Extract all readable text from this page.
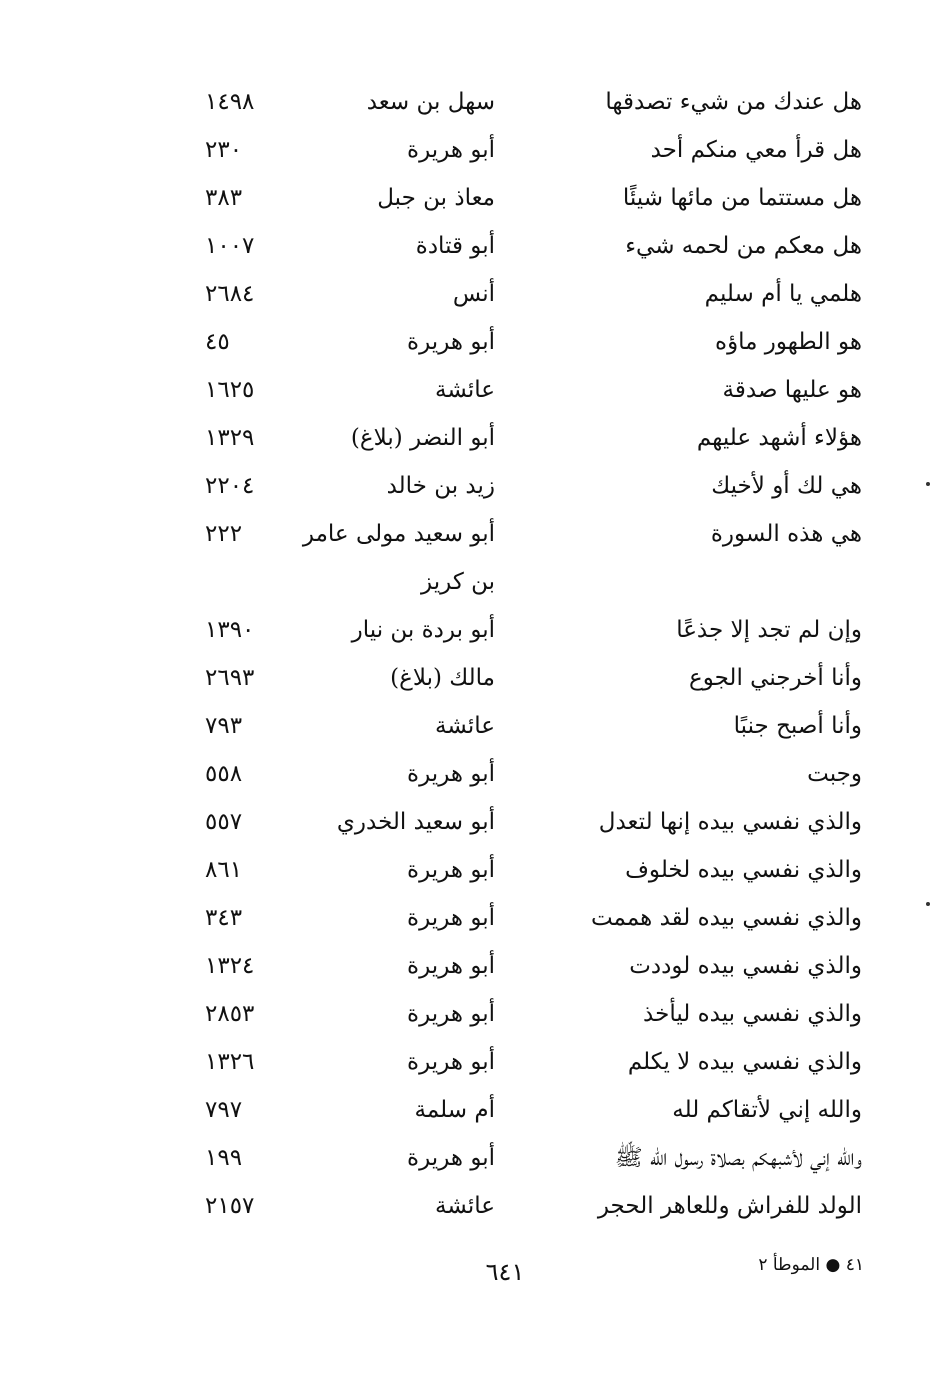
هل عندك من شيء تصدقها
سهل بن سعد
١٤٩٨
هل قرأ معي منكم أحد
أبو هريرة
٢٣٠
هل مستتما من مائها شيئًا
معاذ بن جبل
٣٨٣
هل معكم من لحمه شيء
أبو قتادة
١٠٠٧
هلمي يا أم سليم
أنس
٢٦٨٤
هو الطهور ماؤه
أبو هريرة
٤٥
هو عليها صدقة
عائشة
١٦٢٥
هؤلاء أشهد عليهم
أبو النضر (بلاغ)
١٣٢٩
هي لك أو لأخيك
زيد بن خالد
٢٢٠٤
هي هذه السورة
أبو سعيد مولى عامر بن كريز
٢٢٢
وإن لم تجد إلا جذعًا
أبو بردة بن نيار
١٣٩٠
وأنا أخرجني الجوع
مالك (بلاغ)
٢٦٩٣
وأنا أصبح جنبًا
عائشة
٧٩٣
وجبت
أبو هريرة
٥٥٨
والذي نفسي بيده إنها لتعدل
أبو سعيد الخدري
٥٥٧
والذي نفسي بيده لخلوف
أبو هريرة
٨٦١
والذي نفسي بيده لقد هممت
أبو هريرة
٣٤٣
والذي نفسي بيده لوددت
أبو هريرة
١٣٢٤
والذي نفسي بيده ليأخذ
أبو هريرة
٢٨٥٣
والذي نفسي بيده لا يكلم
أبو هريرة
١٣٢٦
والله إني لأتقاكم لله
أم سلمة
٧٩٧
والله إني لأشبهكم بصلاة رسول الله ﷺ
أبو هريرة
١٩٩
الولد للفراش وللعاهر الحجر
عائشة
٢١٥٧
٤١ ● الموطأ ٢
٦٤١
